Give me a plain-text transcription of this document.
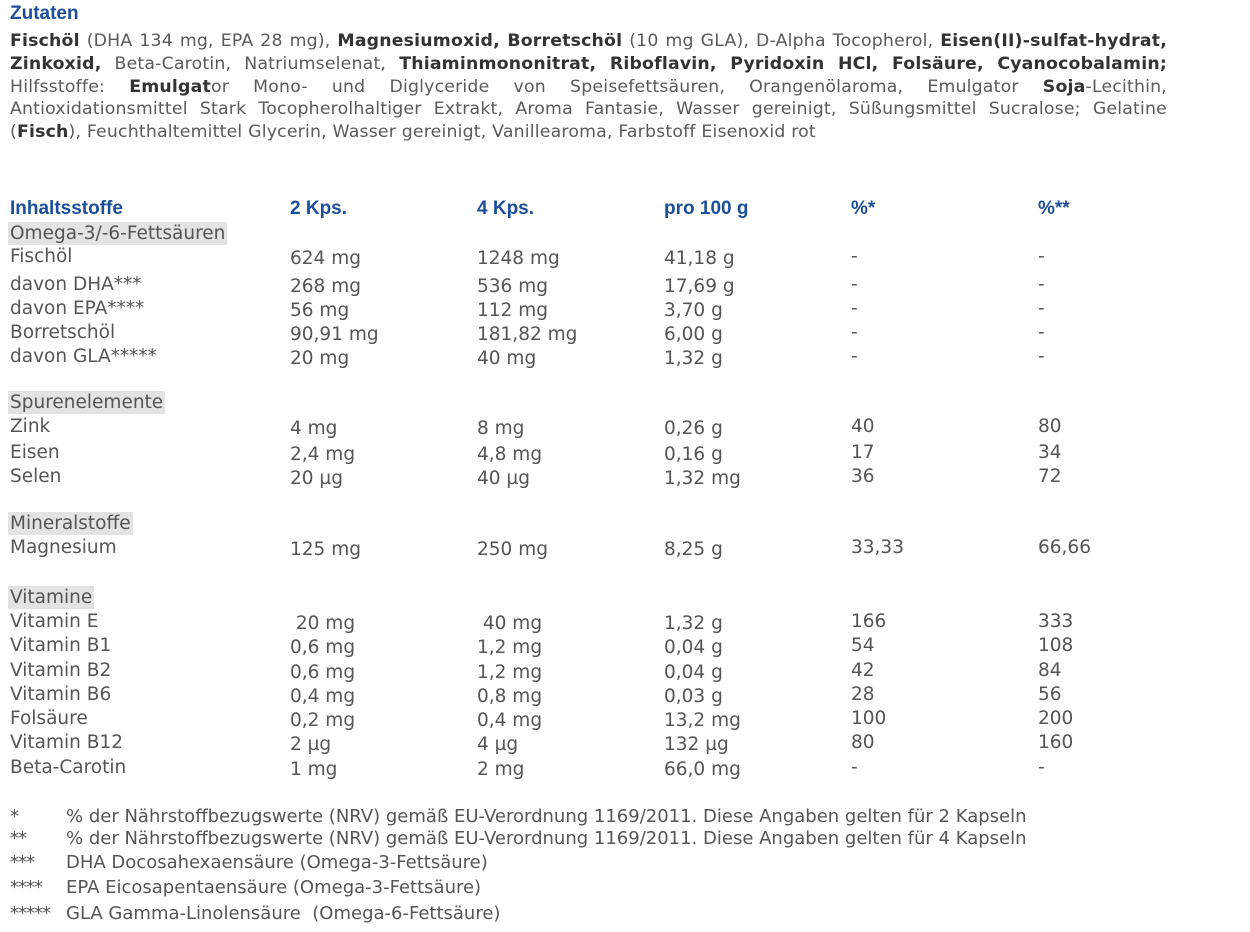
Zutaten

Fischöl (DHA 134 mg, EPA 28 mg), Magnesiumoxid, Borretschöl (10 mg GLA), D-Alpha Tocopherol, Eisen(II)-sulfat-hydrat, Zinkoxid, Beta-Carotin, Natriumselenat, Thiaminmononitrat, Riboflavin, Pyridoxin HCl, Folsäure, Cyanocobalamin; Hilfsstoffe: Emulgator Mono- und Diglyceride von Speisefettsäuren, Orangenölaroma, Emulgator Soja-Lecithin, Antioxidationsmittel Stark Tocopherolhaltiger Extrakt, Aroma Fantasie, Wasser gereinigt, Süßungsmittel Sucralose; Gelatine (Fisch), Feuchthaltemittel Glycerin, Wasser gereinigt, Vanillearoma, Farbstoff Eisenoxid rot

Inhaltsstoffe	2 Kps.	4 Kps.	pro 100 g	%*	%**
Omega-3/-6-Fettsäuren
Fischöl	624 mg	1248 mg	41,18 g	-	-
davon DHA***	268 mg	536 mg	17,69 g	-	-
davon EPA****	56 mg	112 mg	3,70 g	-	-
Borretschöl	90,91 mg	181,82 mg	6,00 g	-	-
davon GLA*****	20 mg	40 mg	1,32 g	-	-
Spurenelemente
Zink	4 mg	8 mg	0,26 g	40	80
Eisen	2,4 mg	4,8 mg	0,16 g	17	34
Selen	20 µg	40 µg	1,32 mg	36	72
Mineralstoffe
Magnesium	125 mg	250 mg	8,25 g	33,33	66,66
Vitamine
Vitamin E	20 mg	40 mg	1,32 g	166	333
Vitamin B1	0,6 mg	1,2 mg	0,04 g	54	108
Vitamin B2	0,6 mg	1,2 mg	0,04 g	42	84
Vitamin B6	0,4 mg	0,8 mg	0,03 g	28	56
Folsäure	0,2 mg	0,4 mg	13,2 mg	100	200
Vitamin B12	2 µg	4 µg	132 µg	80	160
Beta-Carotin	1 mg	2 mg	66,0 mg	-	-
*	% der Nährstoffbezugswerte (NRV) gemäß EU-Verordnung 1169/2011. Diese Angaben gelten für 2 Kapseln
** % der Nährstoffbezugswerte (NRV) gemäß EU-Verordnung 1169/2011. Diese Angaben gelten für 4 Kapseln
*** DHA Docosahexaensäure (Omega-3-Fettsäure)
**** EPA Eicosapentaensäure (Omega-3-Fettsäure)
***** GLA Gamma-Linolensäure  (Omega-6-Fettsäure)
